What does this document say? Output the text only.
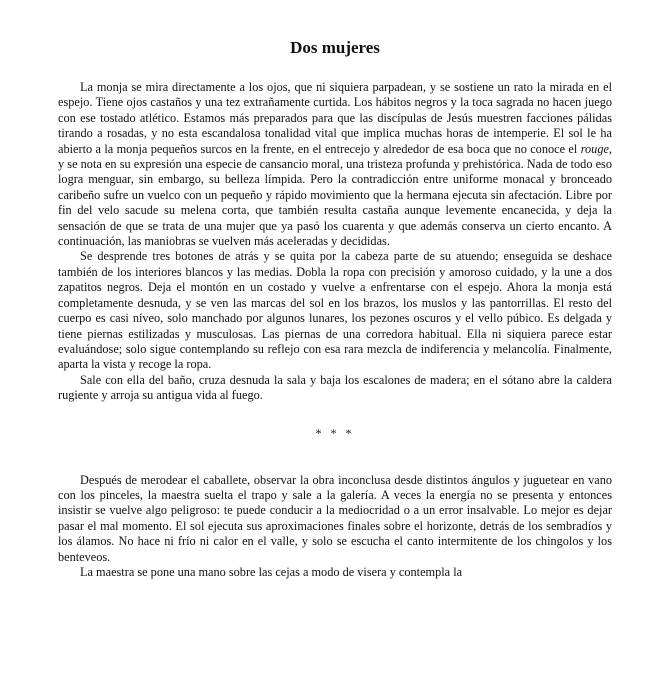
Dos mujeres

La monja se mira directamente a los ojos, que ni siquiera parpadean, y se sostiene un rato la mirada en el espejo. Tiene ojos castaños y una tez extrañamente curtida. Los hábitos negros y la toca sagrada no hacen juego con ese tostado atlético. Estamos más preparados para que las discípulas de Jesús muestren facciones pálidas tirando a rosadas, y no esta escandalosa tonalidad vital que implica muchas horas de intemperie. El sol le ha abierto a la monja pequeños surcos en la frente, en el entrecejo y alrededor de esa boca que no conoce el rouge, y se nota en su expresión una especie de cansancio moral, una tristeza profunda y prehistórica. Nada de todo eso logra menguar, sin embargo, su belleza límpida. Pero la contradicción entre uniforme monacal y bronceado caribeño sufre un vuelco con un pequeño y rápido movimiento que la hermana ejecuta sin afectación. Libre por fin del velo sacude su melena corta, que también resulta castaña aunque levemente encanecida, y deja la sensación de que se trata de una mujer que ya pasó los cuarenta y que además conserva un cierto encanto. A continuación, las maniobras se vuelven más aceleradas y decididas.

Se desprende tres botones de atrás y se quita por la cabeza parte de su atuendo; enseguida se deshace también de los interiores blancos y las medias. Dobla la ropa con precisión y amoroso cuidado, y la une a dos zapatitos negros. Deja el montón en un costado y vuelve a enfrentarse con el espejo. Ahora la monja está completamente desnuda, y se ven las marcas del sol en los brazos, los muslos y las pantorrillas. El resto del cuerpo es casi níveo, solo manchado por algunos lunares, los pezones oscuros y el vello púbico. Es delgada y tiene piernas estilizadas y musculosas. Las piernas de una corredora habitual. Ella ni siquiera parece estar evaluándose; solo sigue contemplando su reflejo con esa rara mezcla de indiferencia y melancolía. Finalmente, aparta la vista y recoge la ropa.

Sale con ella del baño, cruza desnuda la sala y baja los escalones de madera; en el sótano abre la caldera rugiente y arroja su antigua vida al fuego.

* * *

Después de merodear el caballete, observar la obra inconclusa desde distintos ángulos y juguetear en vano con los pinceles, la maestra suelta el trapo y sale a la galería. A veces la energía no se presenta y entonces insistir se vuelve algo peligroso: te puede conducir a la mediocridad o a un error insalvable. Lo mejor es dejar pasar el mal momento. El sol ejecuta sus aproximaciones finales sobre el horizonte, detrás de los sembradíos y los álamos. No hace ni frío ni calor en el valle, y solo se escucha el canto intermitente de los chingolos y los benteveos.

La maestra se pone una mano sobre las cejas a modo de visera y contempla la
